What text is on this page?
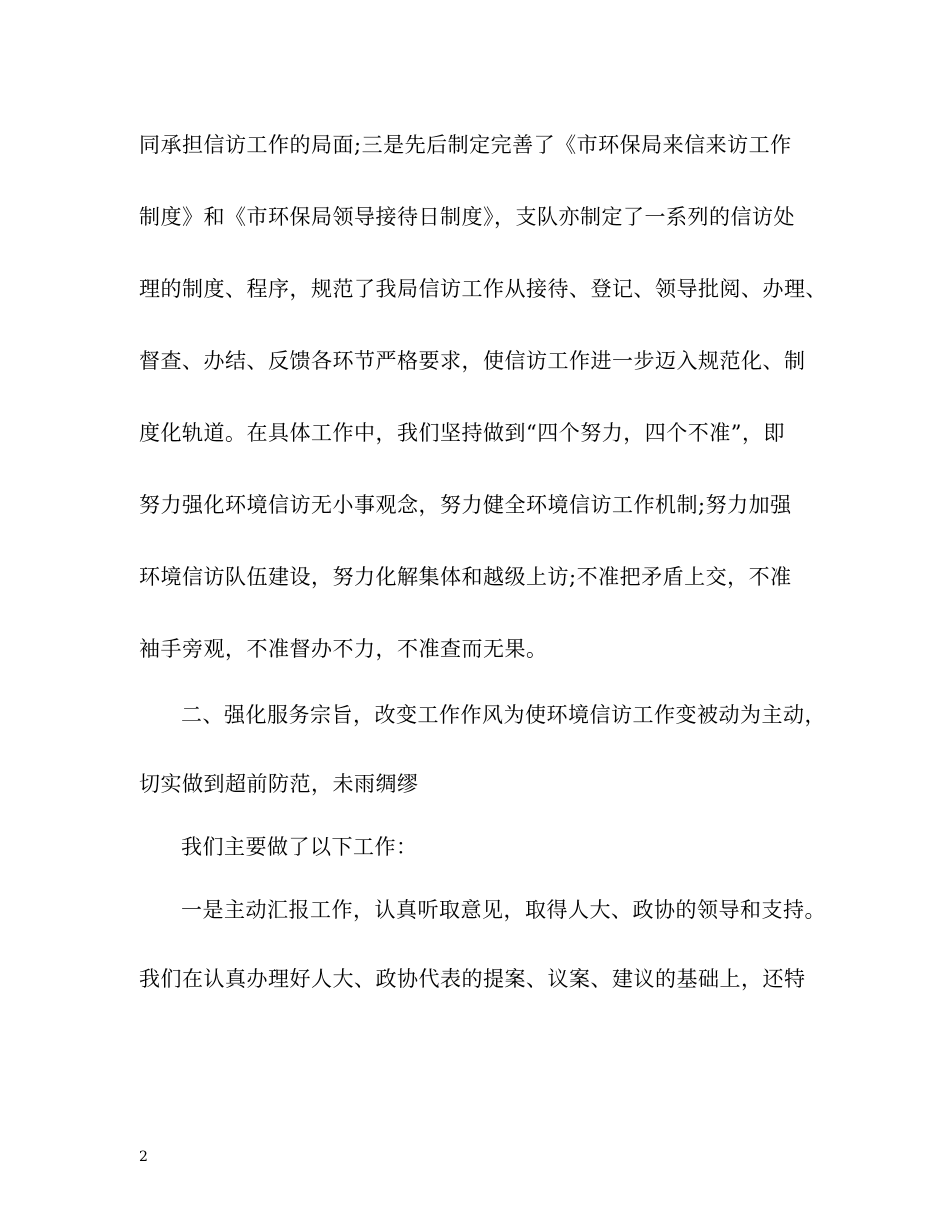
同承担信访工作的局面;三是先后制定完善了《市环保局来信来访工作
制度》和《市环保局领导接待日制度》，支队亦制定了一系列的信访处
理的制度、程序，规范了我局信访工作从接待、登记、领导批阅、办理、
督查、办结、反馈各环节严格要求，使信访工作进一步迈入规范化、制
度化轨道。在具体工作中，我们坚持做到“四个努力，四个不准”，即
努力强化环境信访无小事观念，努力健全环境信访工作机制;努力加强
环境信访队伍建设，努力化解集体和越级上访;不准把矛盾上交，不准
袖手旁观，不准督办不力，不准查而无果。
二、强化服务宗旨，改变工作作风为使环境信访工作变被动为主动，
切实做到超前防范，未雨绸缪
我们主要做了以下工作：
一是主动汇报工作，认真听取意见，取得人大、政协的领导和支持。
我们在认真办理好人大、政协代表的提案、议案、建议的基础上，还特
2
